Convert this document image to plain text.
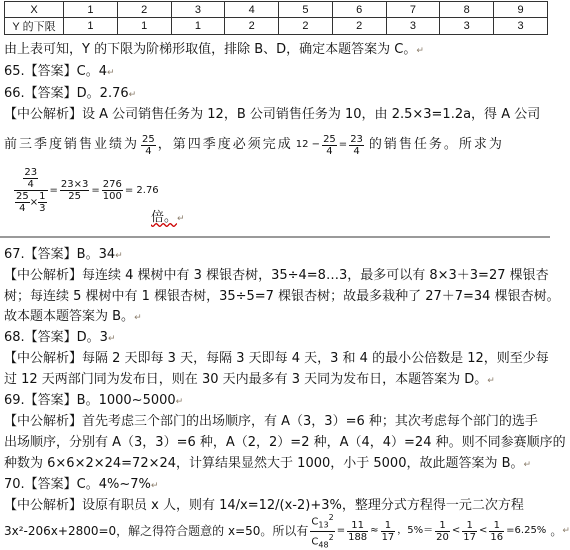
X	1	2	3	4	5	6	7	8	9
Y 的下限	1	1	1	2	2	2	3	3	3
由上表可知，Y 的下限为阶梯形取值，排除 B、D，确定本题答案为 C。↵
65.【答案】C。4↵
66.【答案】D。2.76↵
【中公解析】设 A 公司销售任务为 12，B 公司销售任务为 10，由 2.5×3=1.2a，得 A 公司
前三季度销售业绩为 $\frac{25}{4}$ ，第四季度必须完成 $12 - \frac{25}{4} = \frac{23}{4}$ 的销售任务。所求为
$\frac{\frac{23}{4}}{\frac{25}{4} \times \frac{1}{3}} = \frac{23\times 3}{25} = \frac{276}{100} = 2.76$
倍。↵
67.【答案】B。34↵
【中公解析】每连续 4 棵树中有 3 棵银杏树，35÷4=8…3，最多可以有 8×3＋3=27 棵银杏
树；每连续 5 棵树中有 1 棵银杏树，35÷5=7 棵银杏树；故最多栽种了 27＋7=34 棵银杏树。
故本题本题答案为 B。↵
68.【答案】D。3↵
【中公解析】每隔 2 天即每 3 天，每隔 3 天即每 4 天，3 和 4 的最小公倍数是 12，则至少每
过 12 天两部门同为发布日，则在 30 天内最多有 3 天同为发布日，本题答案为 D。↵
69.【答案】B。1000~5000↵
【中公解析】首先考虑三个部门的出场顺序，有 A（3，3）=6 种；其次考虑每个部门的选手
出场顺序，分别有 A（3，3）=6 种，A（2，2）=2 种，A（4，4）=24 种。则不同参赛顺序的
种数为 6×6×2×24=72×24，计算结果显然大于 1000，小于 5000，故此题答案为 B。↵
70.【答案】C。4%~7%↵
【中公解析】设原有职员 x 人，则有 14/x=12/(x-2)+3%，整理分式方程得一元二次方程
3x²-206x+2800=0，解之得符合题意的 x=50。所以有 $\frac{C_{13}^2}{C_{48}^2} = \frac{11}{188} \approx \frac{1}{17}$ ，$5\%= \frac{1}{20} < \frac{1}{17} < \frac{1}{16} =6.25\%$ 。 ↵
